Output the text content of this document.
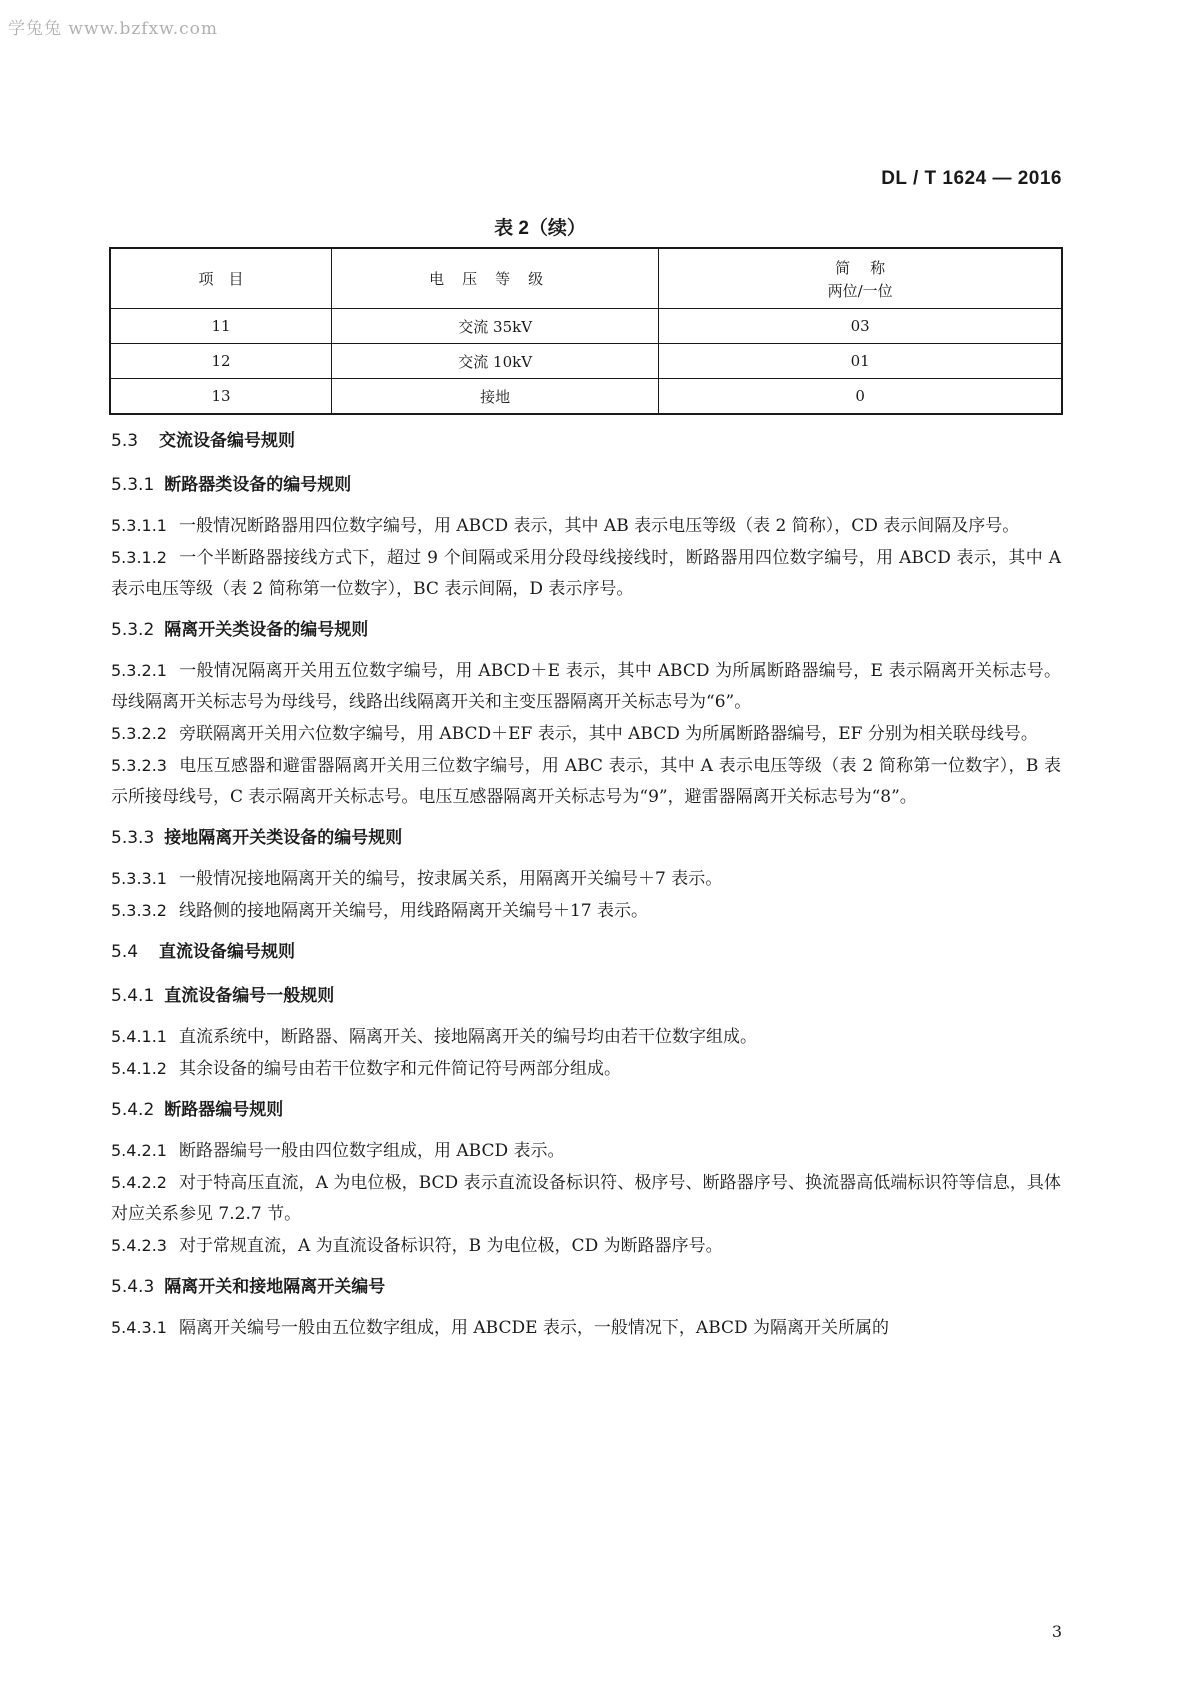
学兔兔 www.bzfxw.com
DL / T 1624 — 2016
表 2（续）
项　目	电压等级	简称
两位/一位

11	交流 35kV	03
12	交流 10kV	01
13	接地	0
5.3 交流设备编号规则
5.3.1 断路器类设备的编号规则

5.3.1.1 一般情况断路器用四位数字编号，用 ABCD 表示，其中 AB 表示电压等级（表 2 简称），CD 表示间隔及序号。

5.3.1.2 一个半断路器接线方式下，超过 9 个间隔或采用分段母线接线时，断路器用四位数字编号，用 ABCD 表示，其中 A 表示电压等级（表 2 简称第一位数字），BC 表示间隔，D 表示序号。

5.3.2 隔离开关类设备的编号规则

5.3.2.1 一般情况隔离开关用五位数字编号，用 ABCD＋E 表示，其中 ABCD 为所属断路器编号，E 表示隔离开关标志号。母线隔离开关标志号为母线号，线路出线隔离开关和主变压器隔离开关标志号为“6”。

5.3.2.2 旁联隔离开关用六位数字编号，用 ABCD＋EF 表示，其中 ABCD 为所属断路器编号，EF 分别为相关联母线号。

5.3.2.3 电压互感器和避雷器隔离开关用三位数字编号，用 ABC 表示，其中 A 表示电压等级（表 2 简称第一位数字），B 表示所接母线号，C 表示隔离开关标志号。电压互感器隔离开关标志号为“9”，避雷器隔离开关标志号为“8”。

5.3.3 接地隔离开关类设备的编号规则

5.3.3.1 一般情况接地隔离开关的编号，按隶属关系，用隔离开关编号＋7 表示。

5.3.3.2 线路侧的接地隔离开关编号，用线路隔离开关编号＋17 表示。

5.4 直流设备编号规则
5.4.1 直流设备编号一般规则

5.4.1.1 直流系统中，断路器、隔离开关、接地隔离开关的编号均由若干位数字组成。

5.4.1.2 其余设备的编号由若干位数字和元件简记符号两部分组成。

5.4.2 断路器编号规则

5.4.2.1 断路器编号一般由四位数字组成，用 ABCD 表示。

5.4.2.2 对于特高压直流，A 为电位极，BCD 表示直流设备标识符、极序号、断路器序号、换流器高低端标识符等信息，具体对应关系参见 7.2.7 节。

5.4.2.3 对于常规直流，A 为直流设备标识符，B 为电位极，CD 为断路器序号。

5.4.3 隔离开关和接地隔离开关编号

5.4.3.1 隔离开关编号一般由五位数字组成，用 ABCDE 表示，一般情况下，ABCD 为隔离开关所属的

3
